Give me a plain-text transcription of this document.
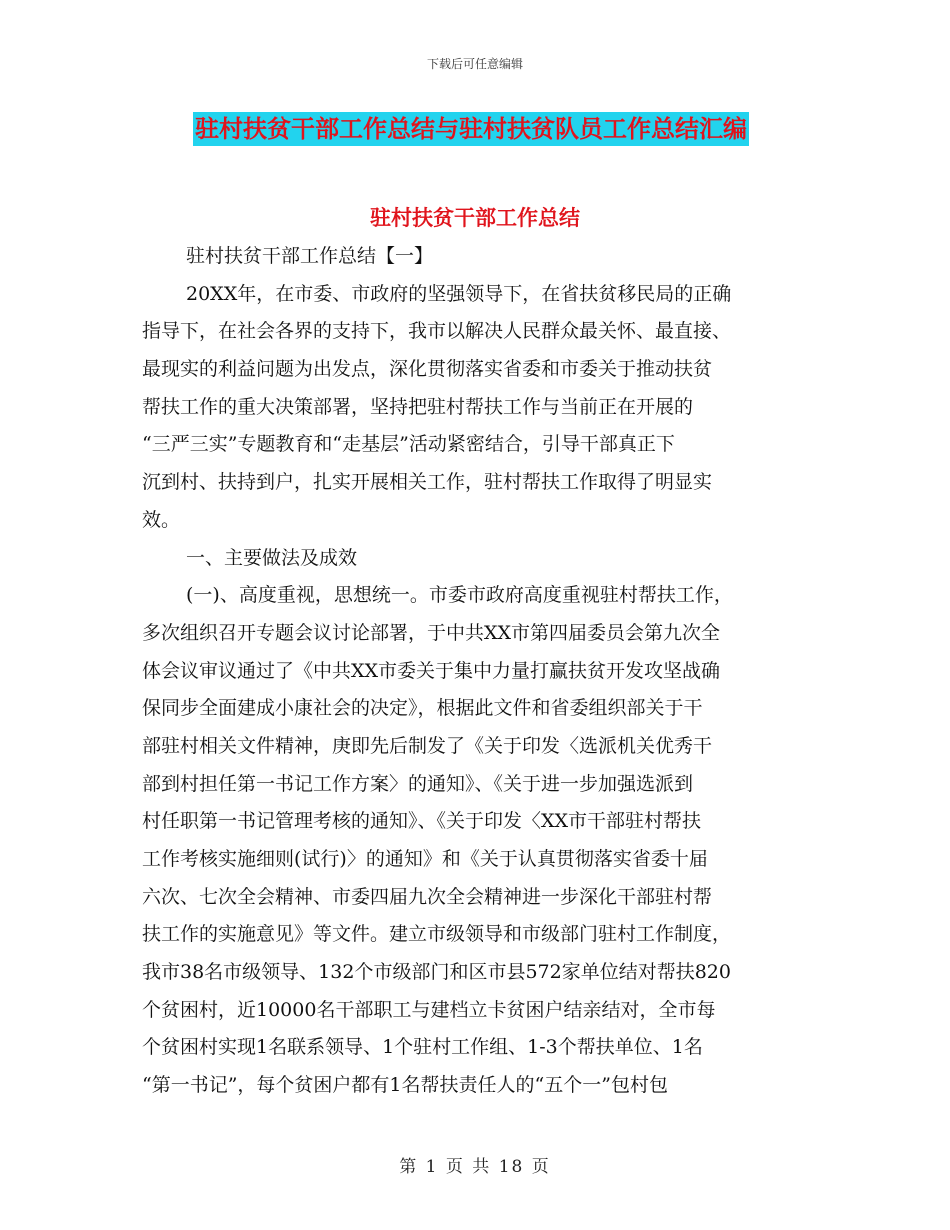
下载后可任意编辑
驻村扶贫干部工作总结与驻村扶贫队员工作总结汇编
驻村扶贫干部工作总结
驻村扶贫干部工作总结【一】
20XX年，在市委、市政府的坚强领导下，在省扶贫移民局的正确
指导下，在社会各界的支持下，我市以解决人民群众最关怀、最直接、
最现实的利益问题为出发点，深化贯彻落实省委和市委关于推动扶贫
帮扶工作的重大决策部署，坚持把驻村帮扶工作与当前正在开展的
“三严三实”专题教育和“走基层”活动紧密结合，引导干部真正下
沉到村、扶持到户，扎实开展相关工作，驻村帮扶工作取得了明显实
效。
一、主要做法及成效
(一)、高度重视，思想统一。市委市政府高度重视驻村帮扶工作，
多次组织召开专题会议讨论部署，于中共XX市第四届委员会第九次全
体会议审议通过了《中共XX市委关于集中力量打赢扶贫开发攻坚战确
保同步全面建成小康社会的决定》，根据此文件和省委组织部关于干
部驻村相关文件精神，庚即先后制发了《关于印发〈选派机关优秀干
部到村担任第一书记工作方案〉的通知》、《关于进一步加强选派到
村任职第一书记管理考核的通知》、《关于印发〈XX市干部驻村帮扶
工作考核实施细则(试行)〉的通知》和《关于认真贯彻落实省委十届
六次、七次全会精神、市委四届九次全会精神进一步深化干部驻村帮
扶工作的实施意见》等文件。建立市级领导和市级部门驻村工作制度，
我市38名市级领导、132个市级部门和区市县572家单位结对帮扶820
个贫困村，近10000名干部职工与建档立卡贫困户结亲结对，全市每
个贫困村实现1名联系领导、1个驻村工作组、1-3个帮扶单位、1名
“第一书记”，每个贫困户都有1名帮扶责任人的“五个一”包村包
第 1 页 共 18 页
